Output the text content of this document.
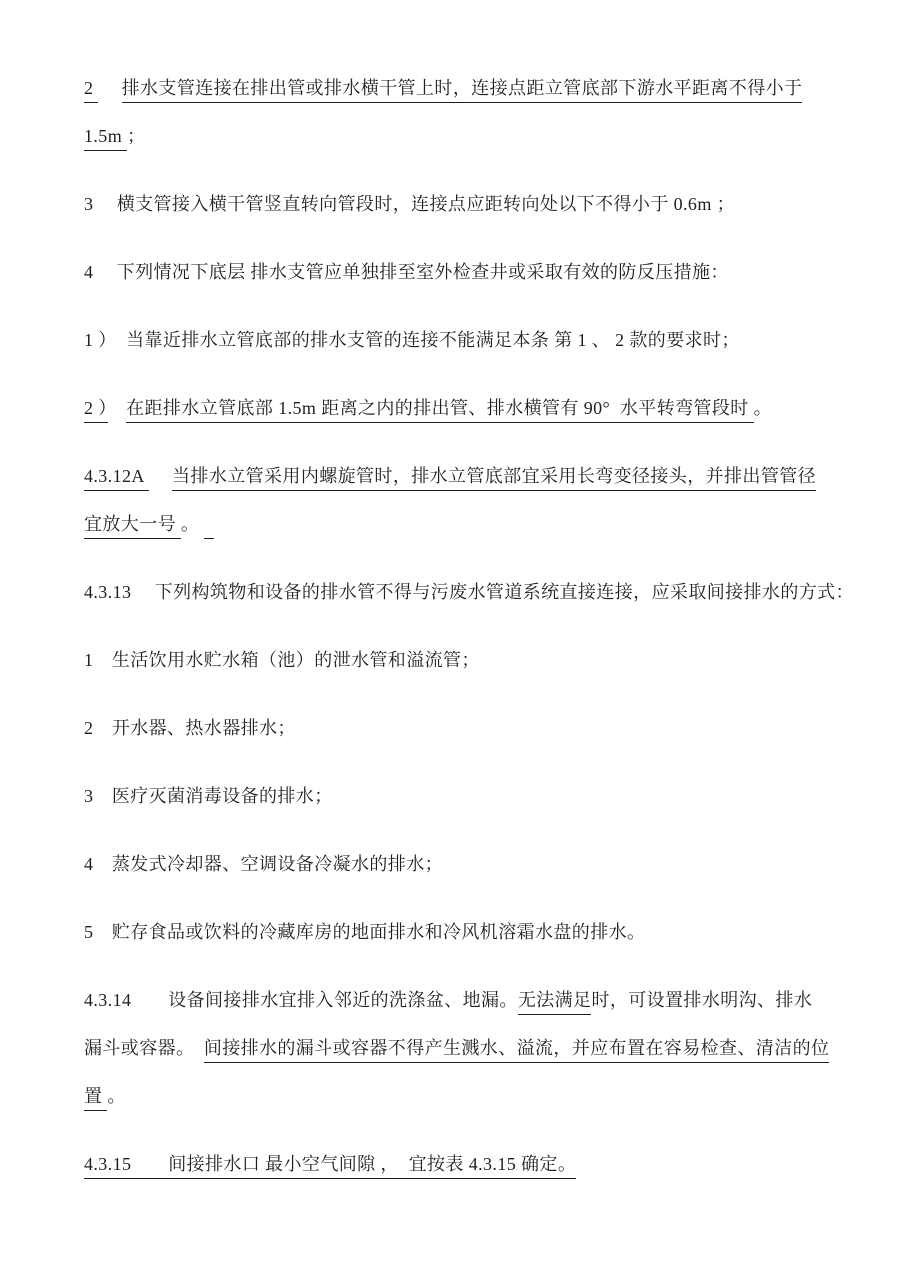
2 　 排水支管连接在排出管或排水横干管上时，连接点距立管底部下游水平距离不得小于
1.5m ；
3　 横支管接入横干管竖直转向管段时，连接点应距转向处以下不得小于 0.6m ；
4　 下列情况下底层 排水支管应单独排至室外检查井或采取有效的防反压措施：
1 ）　 当靠近排水立管底部的排水支管的连接不能满足本条 第 1 、 2 款的要求时；
2 ）　 在距排水立管底部 1.5m 距离之内的排出管、排水横管有 90°  水平转弯管段时 。
4.3.12A 　 当排水立管采用内螺旋管时，排水立管底部宜采用长弯变径接头，并排出管管径
宜放大一号 。
4.3.13　 下列构筑物和设备的排水管不得与污废水管道系统直接连接，应采取间接排水的方式：
1　 生活饮用水贮水箱（池）的泄水管和溢流管；
2　 开水器、热水器排水；
3　 医疗灭菌消毒设备的排水；
4　 蒸发式冷却器、空调设备冷凝水的排水；
5　 贮存食品或饮料的冷藏库房的地面排水和冷风机溶霜水盘的排水。
4.3.14　　 设备间接排水宜排入邻近的洗涤盆、地漏。无法满足时，可设置排水明沟、排水
漏斗或容器。　 间接排水的漏斗或容器不得产生溅水、溢流，并应布置在容易检查、清洁的位
置 。
4.3.15　　 间接排水口 最小空气间隙 ，  宜按表 4.3.15 确定。
